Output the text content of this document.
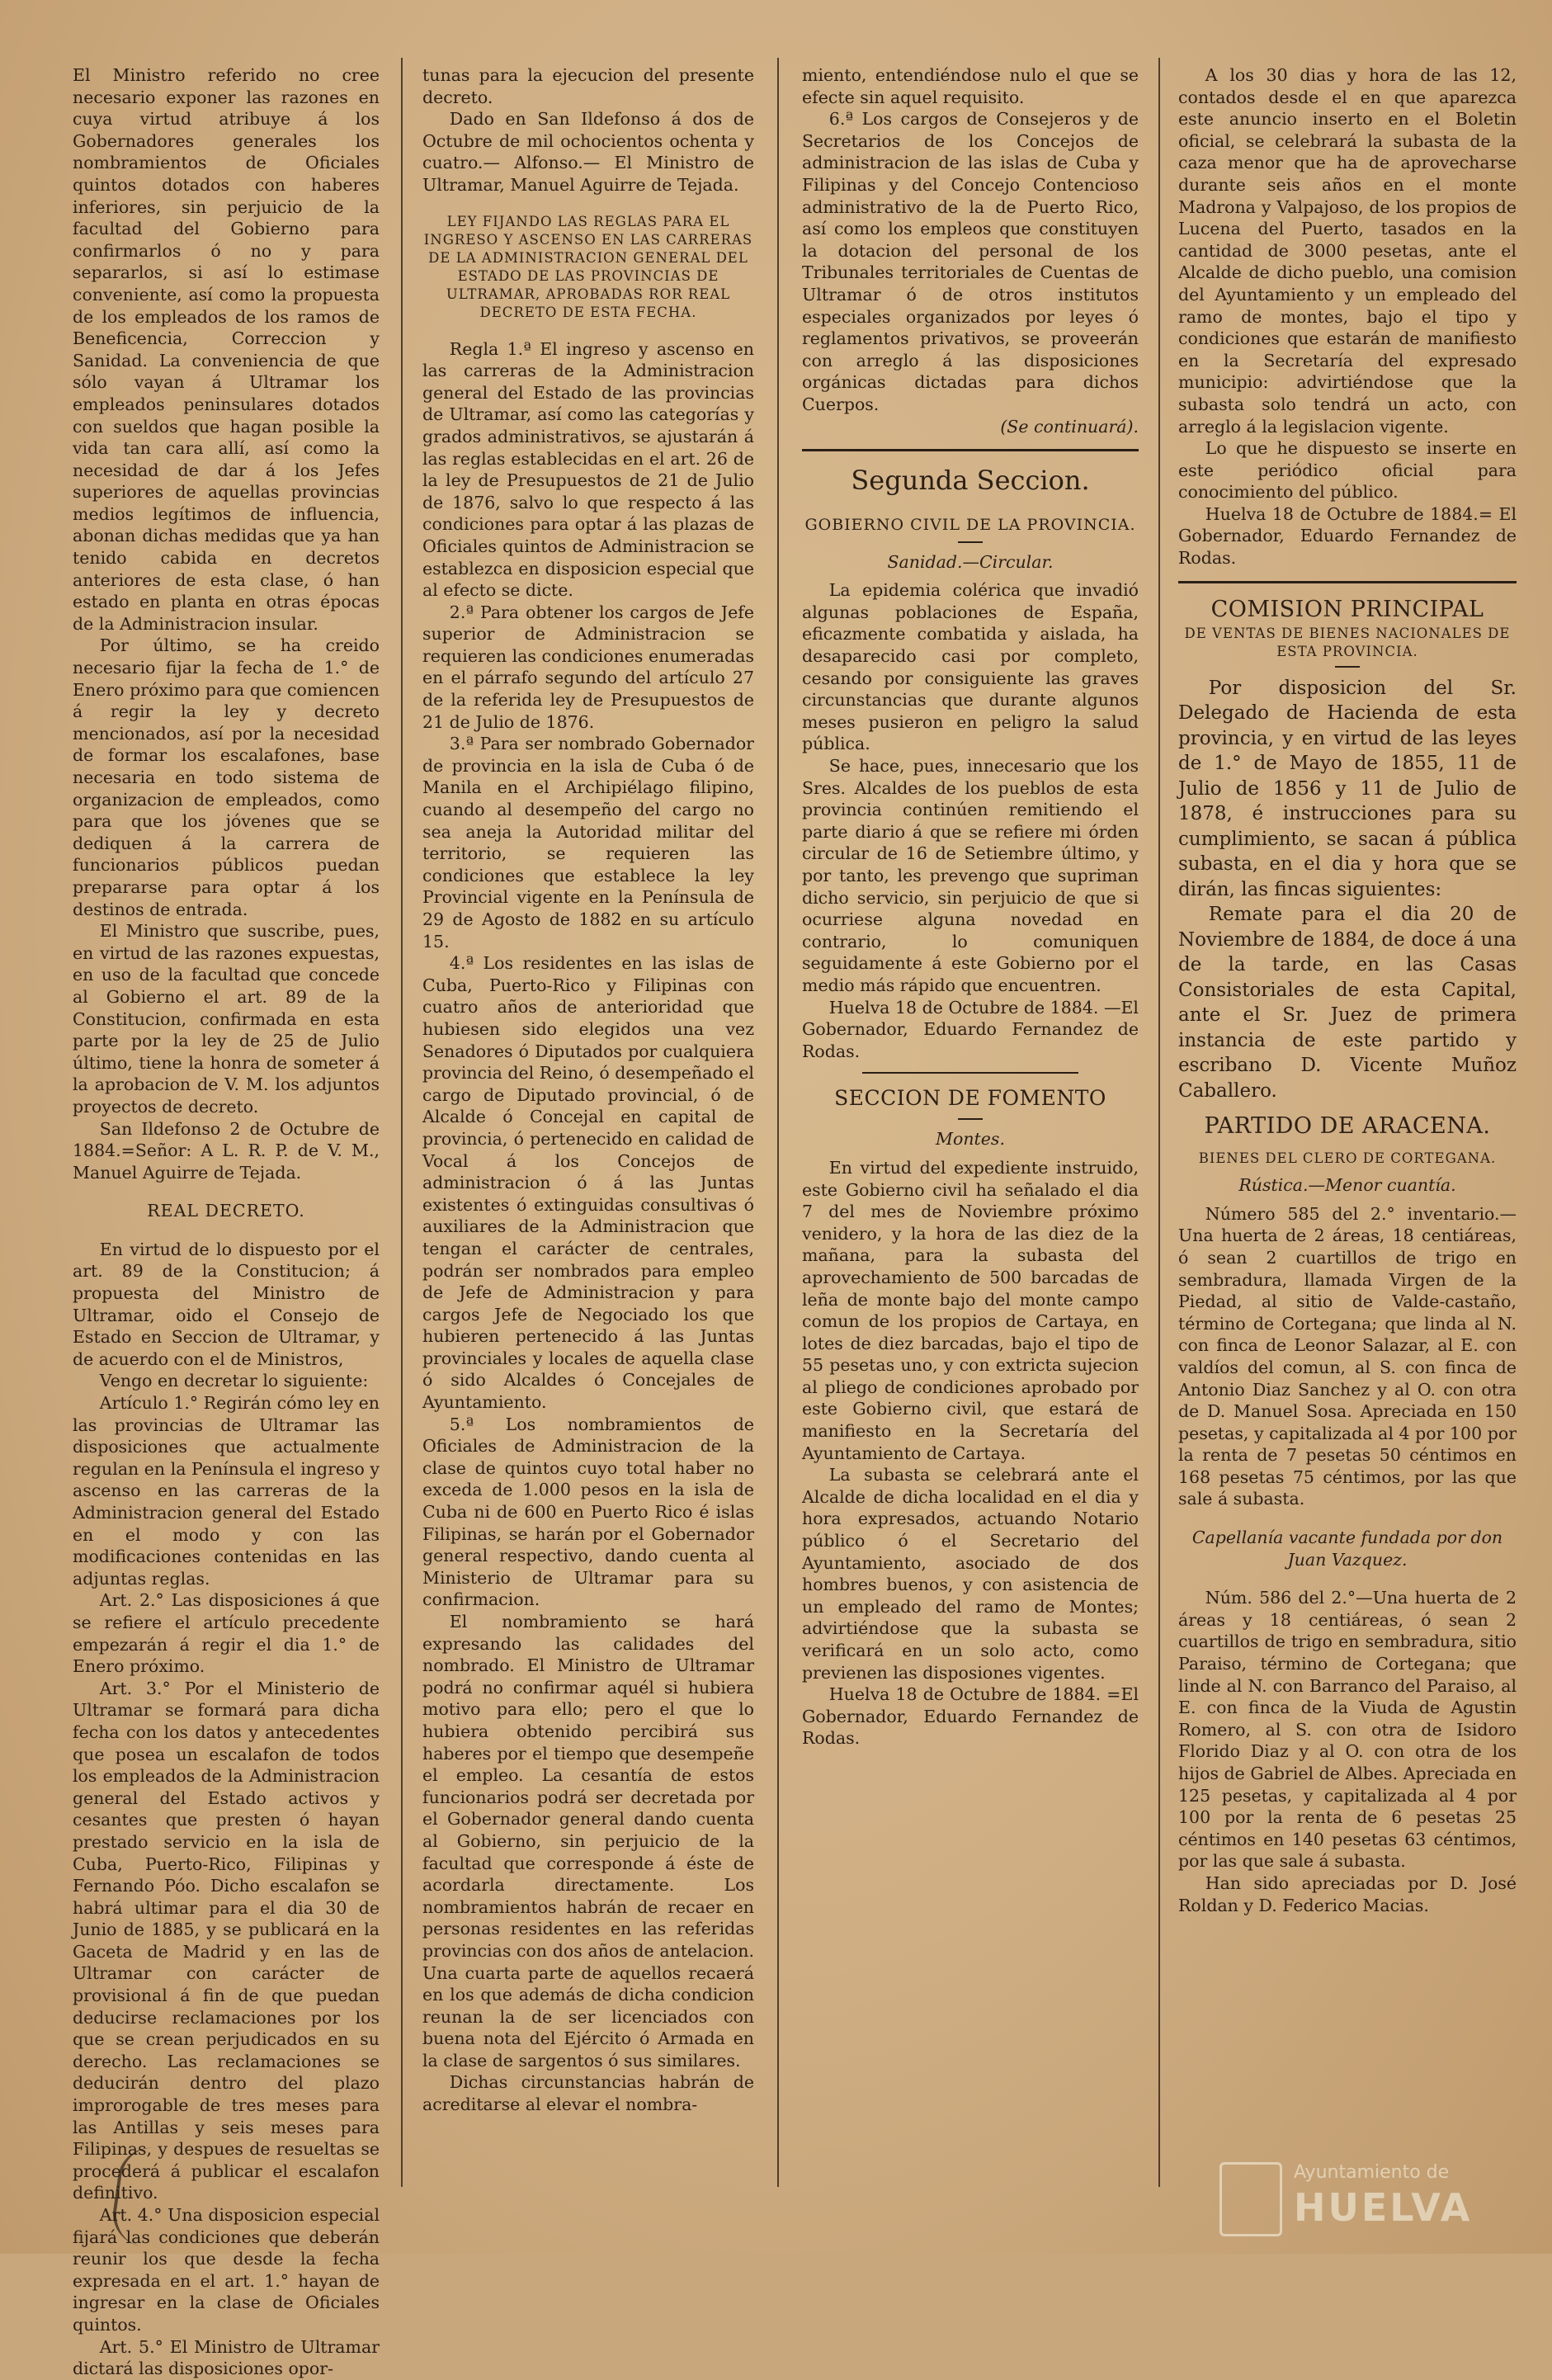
El Ministro referido no cree necesario exponer las razones en cuya virtud atribuye á los Gobernadores generales los nombramientos de Oficiales quintos dotados con haberes inferiores, sin perjuicio de la facultad del Gobierno para confirmarlos ó no y para separarlos, si así lo estimase conveniente, así como la propuesta de los empleados de los ramos de Beneficencia, Correccion y Sanidad. La conveniencia de que sólo vayan á Ultramar los empleados peninsulares dotados con sueldos que hagan posible la vida tan cara allí, así como la necesidad de dar á los Jefes superiores de aquellas provincias medios legítimos de influencia, abonan dichas medidas que ya han tenido cabida en decretos anteriores de esta clase, ó han estado en planta en otras épocas de la Administracion insular.

Por último, se ha creido necesario fijar la fecha de 1.° de Enero próximo para que comiencen á regir la ley y decreto mencionados, así por la necesidad de formar los escalafones, base necesaria en todo sistema de organizacion de empleados, como para que los jóvenes que se dediquen á la carrera de funcionarios públicos puedan prepararse para optar á los destinos de entrada.

El Ministro que suscribe, pues, en virtud de las razones expuestas, en uso de la facultad que concede al Gobierno el art. 89 de la Constitucion, confirmada en esta parte por la ley de 25 de Julio último, tiene la honra de someter á la aprobacion de V. M. los adjuntos proyectos de decreto.

San Ildefonso 2 de Octubre de 1884.=Señor: A L. R. P. de V. M., Manuel Aguirre de Tejada.

REAL DECRETO.

En virtud de lo dispuesto por el art. 89 de la Constitucion; á propuesta del Ministro de Ultramar, oido el Consejo de Estado en Seccion de Ultramar, y de acuerdo con el de Ministros,

Vengo en decretar lo siguiente:

Artículo 1.° Regirán cómo ley en las provincias de Ultramar las disposiciones que actualmente regulan en la Península el ingreso y ascenso en las carreras de la Administracion general del Estado en el modo y con las modificaciones contenidas en las adjuntas reglas.

Art. 2.° Las disposiciones á que se refiere el artículo precedente empezarán á regir el dia 1.° de Enero próximo.

Art. 3.° Por el Ministerio de Ultramar se formará para dicha fecha con los datos y antecedentes que posea un escalafon de todos los empleados de la Administracion general del Estado activos y cesantes que presten ó hayan prestado servicio en la isla de Cuba, Puerto-Rico, Filipinas y Fernando Póo. Dicho escalafon se habrá ultimar para el dia 30 de Junio de 1885, y se publicará en la Gaceta de Madrid y en las de Ultramar con carácter de provisional á fin de que puedan deducirse reclamaciones por los que se crean perjudicados en su derecho. Las reclamaciones se deducirán dentro del plazo improrogable de tres meses para las Antillas y seis meses para Filipinas, y despues de resueltas se procederá á publicar el escalafon definitivo.

Art. 4.° Una disposicion especial fijará las condiciones que deberán reunir los que desde la fecha expresada en el art. 1.° hayan de ingresar en la clase de Oficiales quintos.

Art. 5.° El Ministro de Ultramar dictará las disposiciones opor-

tunas para la ejecucion del presente decreto.

Dado en San Ildefonso á dos de Octubre de mil ochocientos ochenta y cuatro.— Alfonso.— El Ministro de Ultramar, Manuel Aguirre de Tejada.

LEY FIJANDO LAS REGLAS PARA EL INGRESO Y ASCENSO EN LAS CARRERAS DE LA ADMINISTRACION GENERAL DEL ESTADO DE LAS PROVINCIAS DE ULTRAMAR, APROBADAS ROR REAL DECRETO DE ESTA FECHA.

Regla 1.ª El ingreso y ascenso en las carreras de la Administracion general del Estado de las provincias de Ultramar, así como las categorías y grados administrativos, se ajustarán á las reglas establecidas en el art. 26 de la ley de Presupuestos de 21 de Julio de 1876, salvo lo que respecto á las condiciones para optar á las plazas de Oficiales quintos de Administracion se establezca en disposicion especial que al efecto se dicte.

2.ª Para obtener los cargos de Jefe superior de Administracion se requieren las condiciones enumeradas en el párrafo segundo del artículo 27 de la referida ley de Presupuestos de 21 de Julio de 1876.

3.ª Para ser nombrado Gobernador de provincia en la isla de Cuba ó de Manila en el Archipiélago filipino, cuando al desempeño del cargo no sea aneja la Autoridad militar del territorio, se requieren las condiciones que establece la ley Provincial vigente en la Península de 29 de Agosto de 1882 en su artículo 15.

4.ª Los residentes en las islas de Cuba, Puerto-Rico y Filipinas con cuatro años de anterioridad que hubiesen sido elegidos una vez Senadores ó Diputados por cualquiera provincia del Reino, ó desempeñado el cargo de Diputado provincial, ó de Alcalde ó Concejal en capital de provincia, ó pertenecido en calidad de Vocal á los Concejos de administracion ó á las Juntas existentes ó extinguidas consultivas ó auxiliares de la Administracion que tengan el carácter de centrales, podrán ser nombrados para empleo de Jefe de Administracion y para cargos Jefe de Negociado los que hubieren pertenecido á las Juntas provinciales y locales de aquella clase ó sido Alcaldes ó Concejales de Ayuntamiento.

5.ª Los nombramientos de Oficiales de Administracion de la clase de quintos cuyo total haber no exceda de 1.000 pesos en la isla de Cuba ni de 600 en Puerto Rico é islas Filipinas, se harán por el Gobernador general respectivo, dando cuenta al Ministerio de Ultramar para su confirmacion.

El nombramiento se hará expresando las calidades del nombrado. El Ministro de Ultramar podrá no confirmar aquél si hubiera motivo para ello; pero el que lo hubiera obtenido percibirá sus haberes por el tiempo que desempeñe el empleo. La cesantía de estos funcionarios podrá ser decretada por el Gobernador general dando cuenta al Gobierno, sin perjuicio de la facultad que corresponde á éste de acordarla directamente. Los nombramientos habrán de recaer en personas residentes en las referidas provincias con dos años de antelacion. Una cuarta parte de aquellos recaerá en los que además de dicha condicion reunan la de ser licenciados con buena nota del Ejército ó Armada en la clase de sargentos ó sus similares.

Dichas circunstancias habrán de acreditarse al elevar el nombra-

miento, entendiéndose nulo el que se efecte sin aquel requisito.

6.ª Los cargos de Consejeros y de Secretarios de los Concejos de administracion de las islas de Cuba y Filipinas y del Concejo Contencioso administrativo de la de Puerto Rico, así como los empleos que constituyen la dotacion del personal de los Tribunales territoriales de Cuentas de Ultramar ó de otros institutos especiales organizados por leyes ó reglamentos privativos, se proveerán con arreglo á las disposiciones orgánicas dictadas para dichos Cuerpos.

(Se continuará).

Segunda Seccion.

GOBIERNO CIVIL DE LA PROVINCIA.

Sanidad.—Circular.

La epidemia colérica que invadió algunas poblaciones de España, eficazmente combatida y aislada, ha desaparecido casi por completo, cesando por consiguiente las graves circunstancias que durante algunos meses pusieron en peligro la salud pública.

Se hace, pues, innecesario que los Sres. Alcaldes de los pueblos de esta provincia continúen remitiendo el parte diario á que se refiere mi órden circular de 16 de Setiembre último, y por tanto, les prevengo que supriman dicho servicio, sin perjuicio de que si ocurriese alguna novedad en contrario, lo comuniquen seguidamente á este Gobierno por el medio más rápido que encuentren.

Huelva 18 de Octubre de 1884. —El Gobernador, Eduardo Fernandez de Rodas.

SECCION DE FOMENTO

Montes.

En virtud del expediente instruido, este Gobierno civil ha señalado el dia 7 del mes de Noviembre próximo venidero, y la hora de las diez de la mañana, para la subasta del aprovechamiento de 500 barcadas de leña de monte bajo del monte campo comun de los propios de Cartaya, en lotes de diez barcadas, bajo el tipo de 55 pesetas uno, y con extricta sujecion al pliego de condiciones aprobado por este Gobierno civil, que estará de manifiesto en la Secretaría del Ayuntamiento de Cartaya.

La subasta se celebrará ante el Alcalde de dicha localidad en el dia y hora expresados, actuando Notario público ó el Secretario del Ayuntamiento, asociado de dos hombres buenos, y con asistencia de un empleado del ramo de Montes; advirtiéndose que la subasta se verificará en un solo acto, como previenen las disposiones vigentes.

Huelva 18 de Octubre de 1884. =El Gobernador, Eduardo Fernandez de Rodas.

A los 30 dias y hora de las 12, contados desde el en que aparezca este anuncio inserto en el Boletin oficial, se celebrará la subasta de la caza menor que ha de aprovecharse durante seis años en el monte Madrona y Valpajoso, de los propios de Lucena del Puerto, tasados en la cantidad de 3000 pesetas, ante el Alcalde de dicho pueblo, una comision del Ayuntamiento y un empleado del ramo de montes, bajo el tipo y condiciones que estarán de manifiesto en la Secretaría del expresado municipio: advirtiéndose que la subasta solo tendrá un acto, con arreglo á la legislacion vigente.

Lo que he dispuesto se inserte en este periódico oficial para conocimiento del público.

Huelva 18 de Octubre de 1884.= El Gobernador, Eduardo Fernandez de Rodas.

COMISION PRINCIPAL

DE VENTAS DE BIENES NACIONALES DE ESTA PROVINCIA.

Por disposicion del Sr. Delegado de Hacienda de esta provincia, y en virtud de las leyes de 1.° de Mayo de 1855, 11 de Julio de 1856 y 11 de Julio de 1878, é instrucciones para su cumplimiento, se sacan á pública subasta, en el dia y hora que se dirán, las fincas siguientes:

Remate para el dia 20 de Noviembre de 1884, de doce á una de la tarde, en las Casas Consistoriales de esta Capital, ante el Sr. Juez de primera instancia de este partido y escribano D. Vicente Muñoz Caballero.

PARTIDO DE ARACENA.

BIENES DEL CLERO DE CORTEGANA.

Rústica.—Menor cuantía.

Número 585 del 2.° inventario.— Una huerta de 2 áreas, 18 centiáreas, ó sean 2 cuartillos de trigo en sembradura, llamada Virgen de la Piedad, al sitio de Valde-castaño, término de Cortegana; que linda al N. con finca de Leonor Salazar, al E. con valdíos del comun, al S. con finca de Antonio Diaz Sanchez y al O. con otra de D. Manuel Sosa. Apreciada en 150 pesetas, y capitalizada al 4 por 100 por la renta de 7 pesetas 50 céntimos en 168 pesetas 75 céntimos, por las que sale á subasta.

Capellanía vacante fundada por don Juan Vazquez.

Núm. 586 del 2.°—Una huerta de 2 áreas y 18 centiáreas, ó sean 2 cuartillos de trigo en sembradura, sitio Paraiso, término de Cortegana; que linde al N. con Barranco del Paraiso, al E. con finca de la Viuda de Agustin Romero, al S. con otra de Isidoro Florido Diaz y al O. con otra de los hijos de Gabriel de Albes. Apreciada en 125 pesetas, y capitalizada al 4 por 100 por la renta de 6 pesetas 25 céntimos en 140 pesetas 63 céntimos, por las que sale á subasta.

Han sido apreciadas por D. José Roldan y D. Federico Macias.

Ayuntamiento de
HUELVA
